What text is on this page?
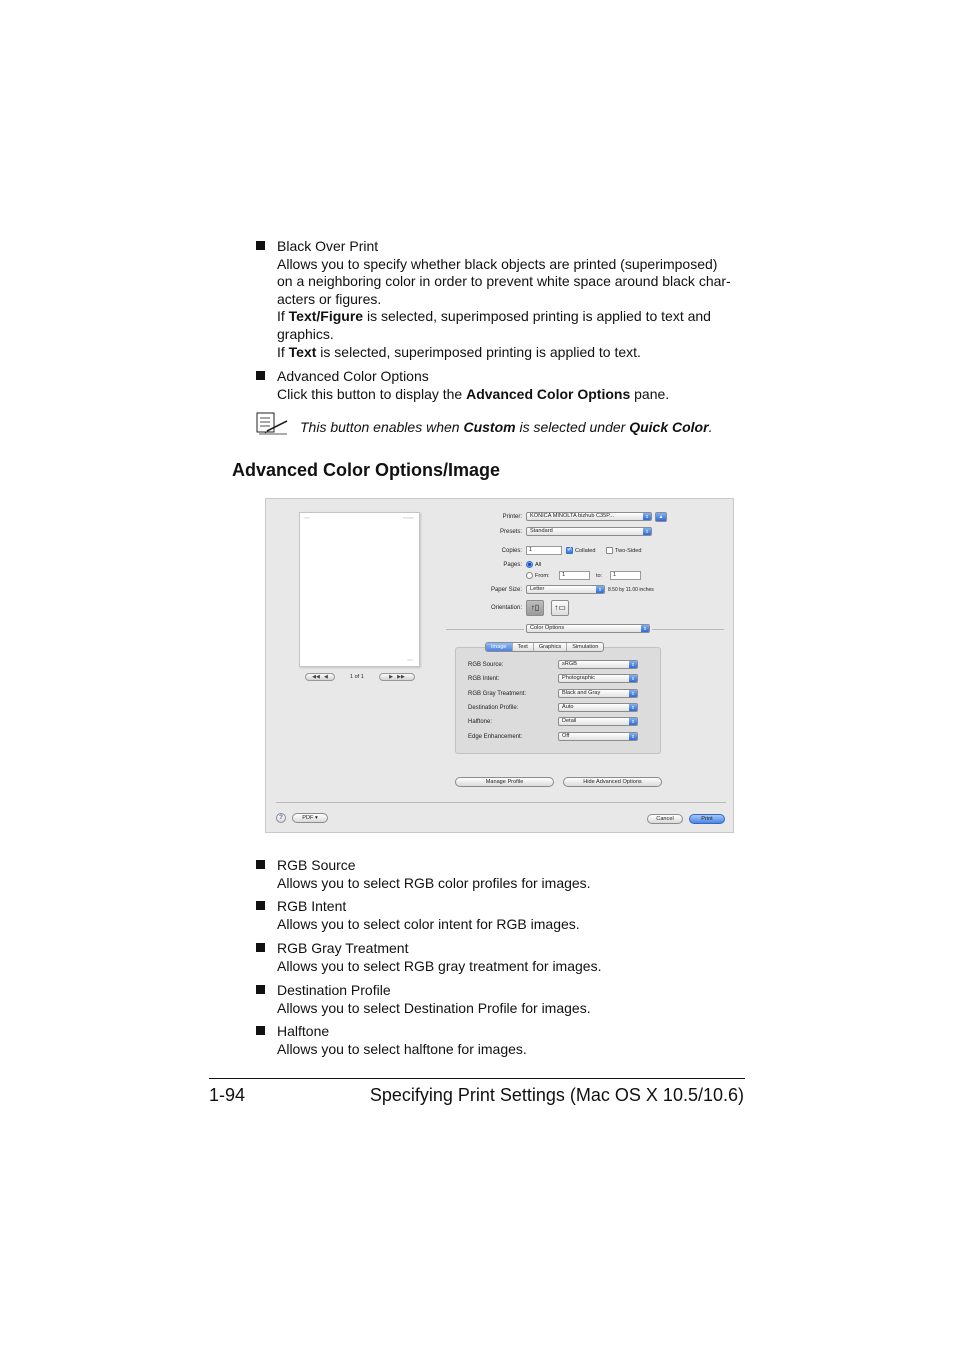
Black Over Print
Allows you to specify whether black objects are printed (superimposed)
on a neighboring color in order to prevent white space around black char-
acters or figures.
If Text/Figure is selected, superimposed printing is applied to text and
graphics.
If Text is selected, superimposed printing is applied to text.
Advanced Color Options
Click this button to display the Advanced Color Options pane.
This button enables when Custom is selected under Quick Color.
Advanced Color Options/Image
▭▭	▭▭▭▭
▭▭
◀◀   ◀	1 of 1	▶   ▶▶
Printer:	KONICA MINOLTA bizhub C35P...	⇕	▲
Presets:	Standard	⇕
Copies:	1	✓ Collated	Two-Sided
Pages: All
From:	1	to:	1
Paper Size:	Letter	⇕	8.50 by 11.00 inches
Orientation:	↑▯	↑▭
Color Options	⇕
Image	Text	Graphics	Simulation
RGB Source:	sRGB	⇕
RGB Intent:	Photographic	⇕
RGB Gray Treatment:	Black and Gray	⇕
Destination Profile:	Auto	⇕
Halftone:	Detail	⇕
Edge Enhancement:	Off	⇕
Manage Profile	Hide Advanced Options
?	PDF ▾	Cancel	Print
RGB Source
Allows you to select RGB color profiles for images.
RGB Intent
Allows you to select color intent for RGB images.
RGB Gray Treatment
Allows you to select RGB gray treatment for images.
Destination Profile
Allows you to select Destination Profile for images.
Halftone
Allows you to select halftone for images.
1-94	Specifying Print Settings (Mac OS X 10.5/10.6)
